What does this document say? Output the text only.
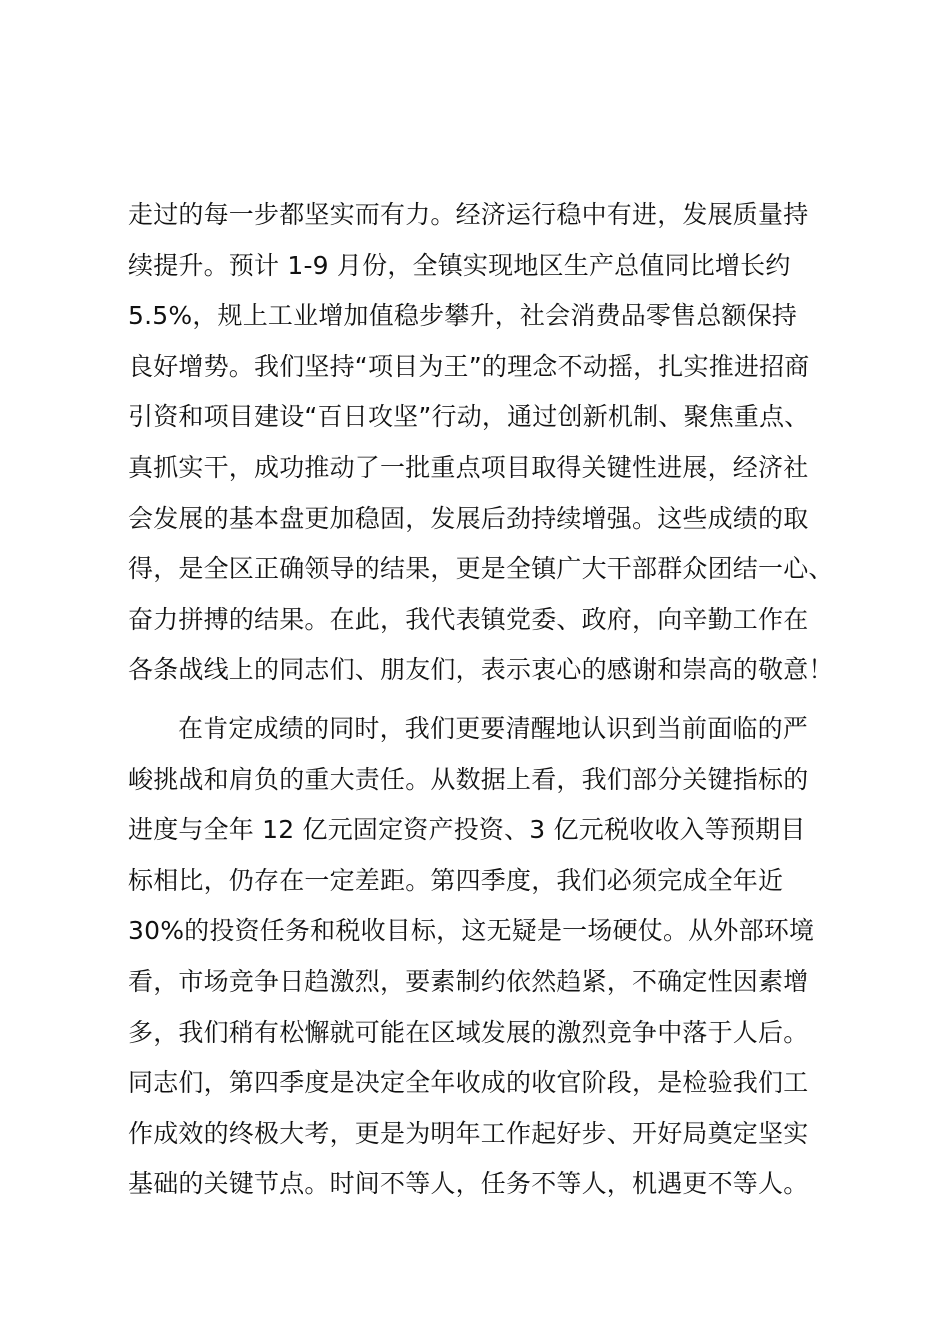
走过的每一步都坚实而有力。经济运行稳中有进，发展质量持
续提升。预计 1-9 月份，全镇实现地区生产总值同比增长约
5.5%，规上工业增加值稳步攀升，社会消费品零售总额保持
良好增势。我们坚持“项目为王”的理念不动摇，扎实推进招商
引资和项目建设“百日攻坚”行动，通过创新机制、聚焦重点、
真抓实干，成功推动了一批重点项目取得关键性进展，经济社
会发展的基本盘更加稳固，发展后劲持续增强。这些成绩的取
得，是全区正确领导的结果，更是全镇广大干部群众团结一心、
奋力拼搏的结果。在此，我代表镇党委、政府，向辛勤工作在
各条战线上的同志们、朋友们，表示衷心的感谢和崇高的敬意！
在肯定成绩的同时，我们更要清醒地认识到当前面临的严
峻挑战和肩负的重大责任。从数据上看，我们部分关键指标的
进度与全年 12 亿元固定资产投资、3 亿元税收收入等预期目
标相比，仍存在一定差距。第四季度，我们必须完成全年近
30%的投资任务和税收目标，这无疑是一场硬仗。从外部环境
看，市场竞争日趋激烈，要素制约依然趋紧，不确定性因素增
多，我们稍有松懈就可能在区域发展的激烈竞争中落于人后。
同志们，第四季度是决定全年收成的收官阶段，是检验我们工
作成效的终极大考，更是为明年工作起好步、开好局奠定坚实
基础的关键节点。时间不等人，任务不等人，机遇更不等人。
